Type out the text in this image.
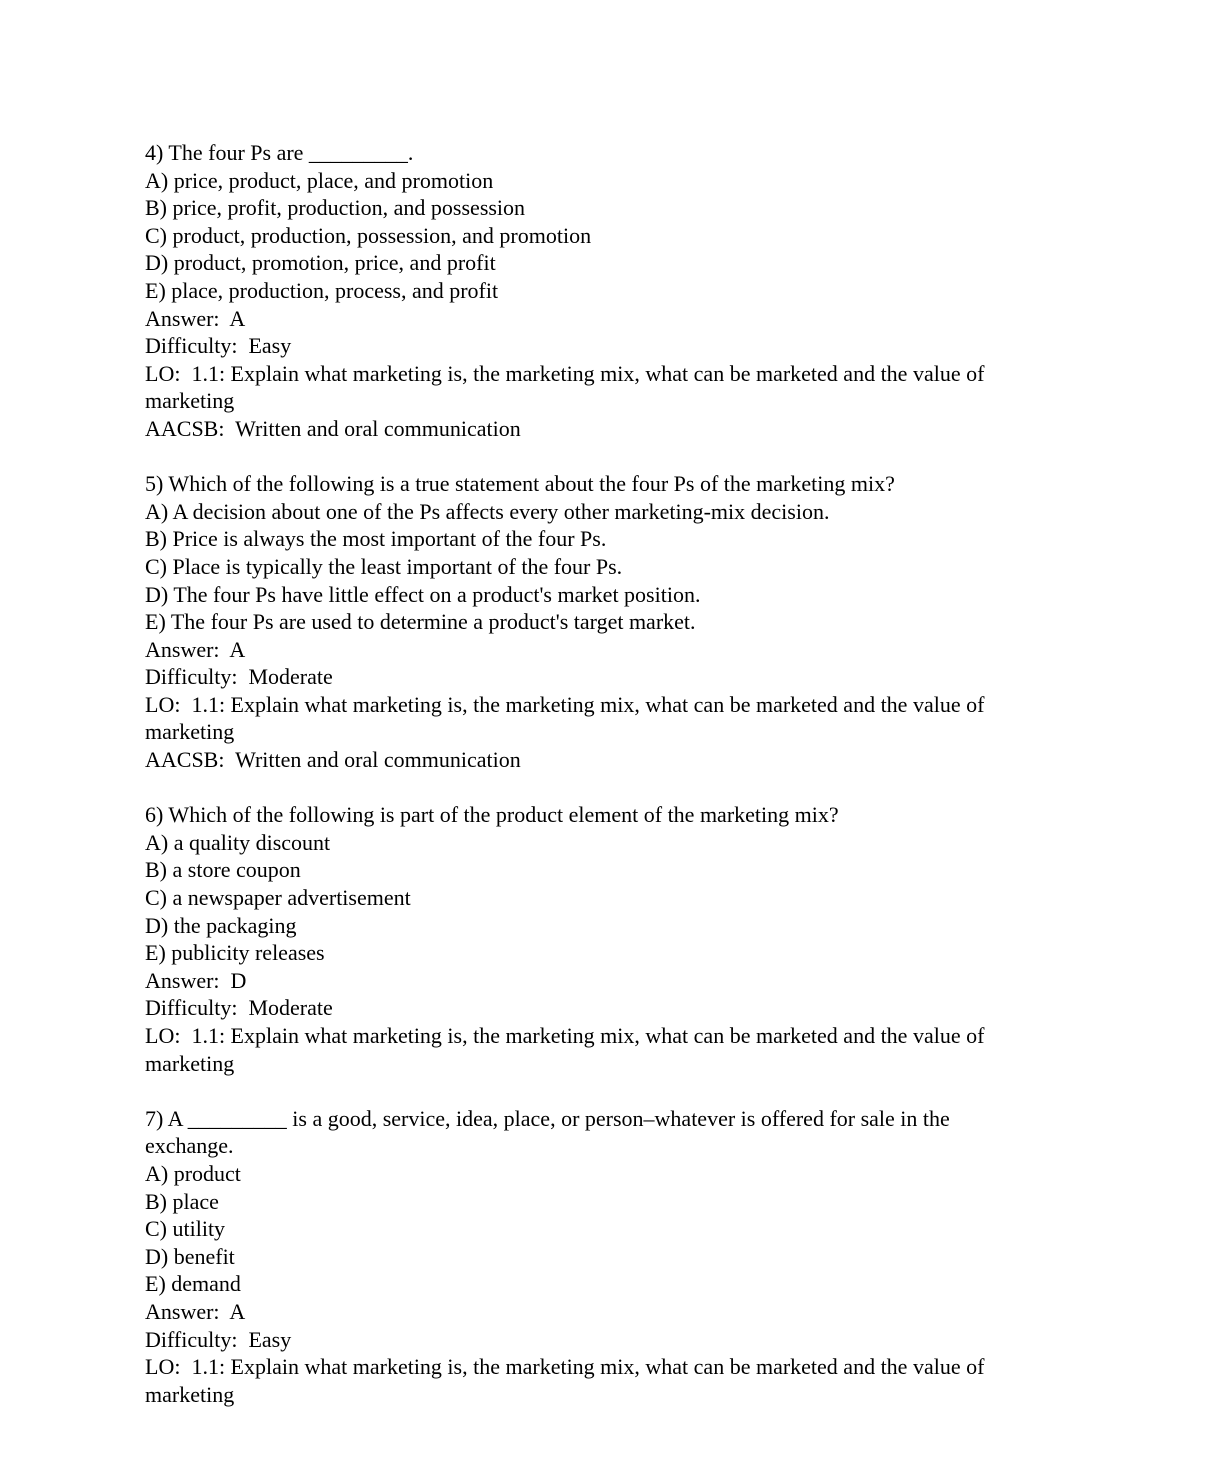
4) The four Ps are _________.
A) price, product, place, and promotion
B) price, profit, production, and possession
C) product, production, possession, and promotion
D) product, promotion, price, and profit
E) place, production, process, and profit
Answer:  A
Difficulty:  Easy
LO:  1.1: Explain what marketing is, the marketing mix, what can be marketed and the value of
marketing
AACSB:  Written and oral communication
5) Which of the following is a true statement about the four Ps of the marketing mix?
A) A decision about one of the Ps affects every other marketing-mix decision.
B) Price is always the most important of the four Ps.
C) Place is typically the least important of the four Ps.
D) The four Ps have little effect on a product's market position.
E) The four Ps are used to determine a product's target market.
Answer:  A
Difficulty:  Moderate
LO:  1.1: Explain what marketing is, the marketing mix, what can be marketed and the value of
marketing
AACSB:  Written and oral communication
6) Which of the following is part of the product element of the marketing mix?
A) a quality discount
B) a store coupon
C) a newspaper advertisement
D) the packaging
E) publicity releases
Answer:  D
Difficulty:  Moderate
LO:  1.1: Explain what marketing is, the marketing mix, what can be marketed and the value of
marketing
7) A _________ is a good, service, idea, place, or person–whatever is offered for sale in the
exchange.
A) product
B) place
C) utility
D) benefit
E) demand
Answer:  A
Difficulty:  Easy
LO:  1.1: Explain what marketing is, the marketing mix, what can be marketed and the value of
marketing
